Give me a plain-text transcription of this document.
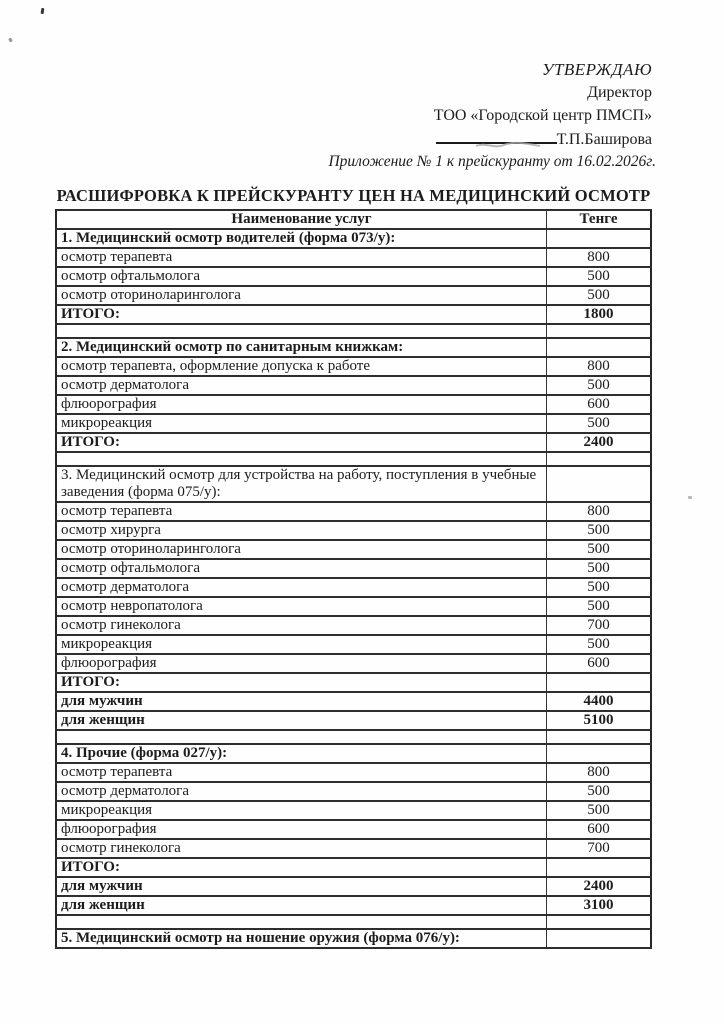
УТВЕРЖДАЮ
Директор
ТОО «Городской центр ПМСП»
Т.П.Баширова
Приложение № 1 к прейскуранту от 16.02.2026г.
РАСШИФРОВКА К ПРЕЙСКУРАНТУ ЦЕН НА МЕДИЦИНСКИЙ ОСМОТР
Наименование услуг	Тенге
1. Медицинский осмотр водителей (форма 073/у):	
осмотр терапевта	800
осмотр офтальмолога	500
осмотр оториноларинголога	500
ИТОГО:	1800

2. Медицинский осмотр по санитарным книжкам:	
осмотр терапевта, оформление допуска к работе	800
осмотр дерматолога	500
флюорография	600
микрореакция	500
ИТОГО:	2400

3. Медицинский осмотр для устройства на работу, поступления в учебные заведения (форма 075/у):	
осмотр терапевта	800
осмотр хирурга	500
осмотр оториноларинголога	500
осмотр офтальмолога	500
осмотр дерматолога	500
осмотр невропатолога	500
осмотр гинеколога	700
микрореакция	500
флюорография	600
ИТОГО:	
для мужчин	4400
для женщин	5100

4. Прочие (форма 027/у):	
осмотр терапевта	800
осмотр дерматолога	500
микрореакция	500
флюорография	600
осмотр гинеколога	700
ИТОГО:	
для мужчин	2400
для женщин	3100

5. Медицинский осмотр на ношение оружия (форма 076/у):	
